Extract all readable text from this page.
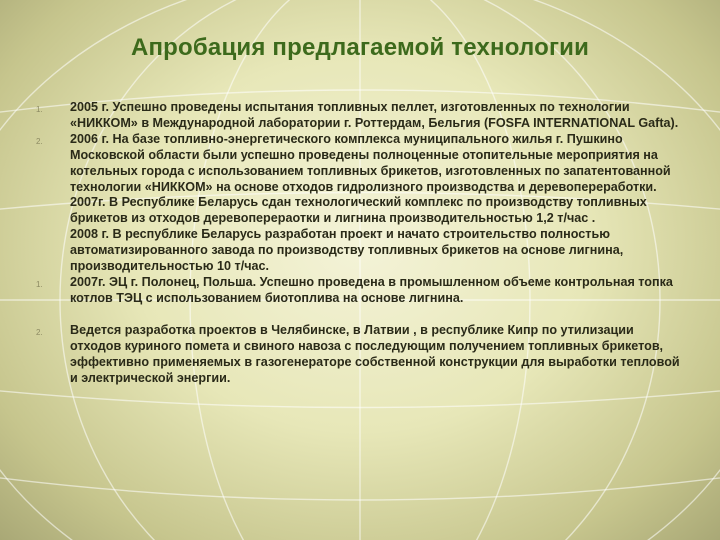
Апробация предлагаемой технологии
1. 2005 г. Успешно проведены испытания топливных пеллет, изготовленных по технологии «НИККОМ» в Международной лаборатории г. Роттердам, Бельгия (FOSFA INTERNATIONAL Gafta).
2. 2006 г. На базе топливно-энергетического комплекса муниципального жилья г. Пушкино Московской области были успешно проведены полноценные отопительные мероприятия на котельных города с использованием топливных брикетов, изготовленных по запатентованной технологии «НИККОМ» на основе отходов гидролизного производства и деревопереработки.
2007г. В Республике Беларусь сдан технологический комплекс по производству топливных брикетов из отходов деревоперераотки и лигнина производительностью 1,2 т/час .
2008 г. В республике Беларусь разработан проект и начато строительство полностью автоматизированного завода по производству топливных брикетов на основе лигнина, производительностью 10 т/час.
1. 2007г. ЭЦ г. Полонец, Польша. Успешно проведена в промышленном объеме контрольная топка котлов ТЭЦ с использованием биотоплива на основе лигнина.
2. Ведется разработка проектов в Челябинске, в Латвии , в республике Кипр по утилизации отходов куриного помета и свиного навоза с последующим получением топливных брикетов, эффективно применяемых в газогенераторе собственной конструкции для выработки тепловой и электрической энергии.
